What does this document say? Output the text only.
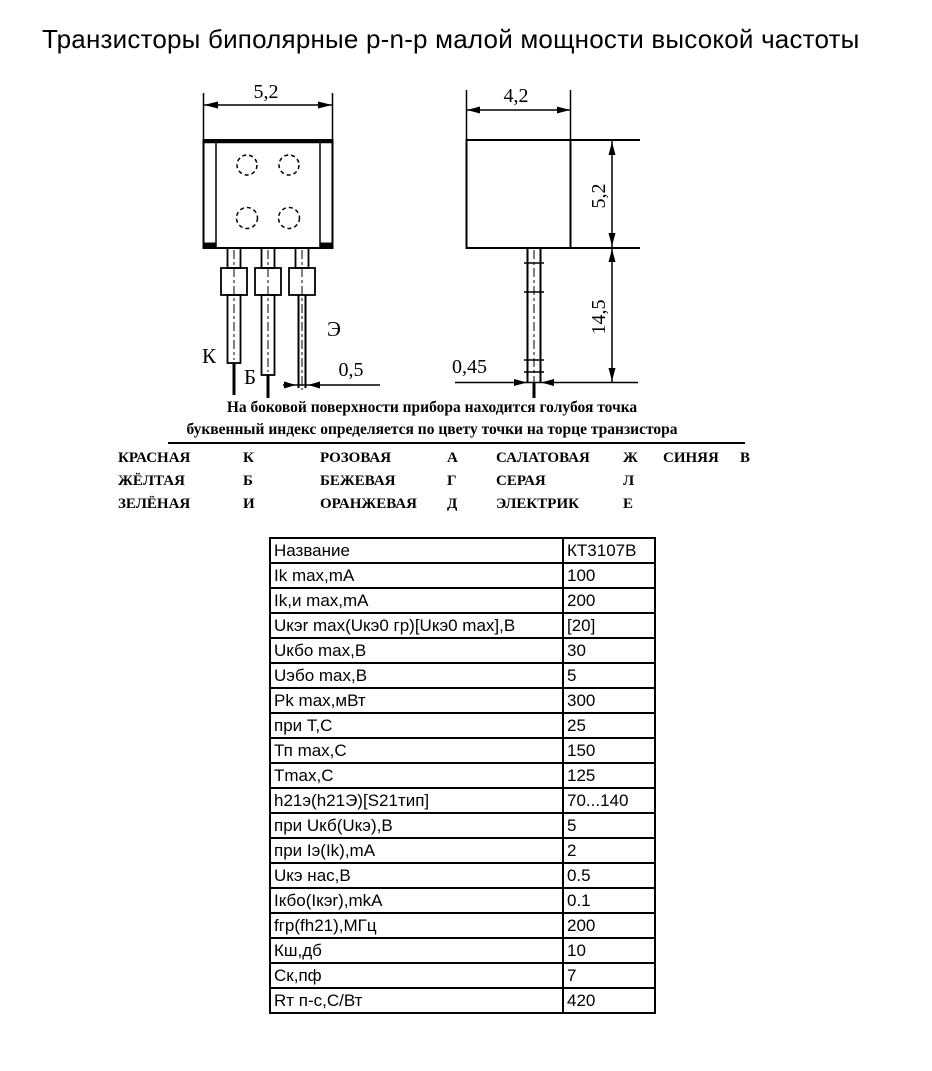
Транзисторы биполярные p-n-p малой мощности высокой частоты
5,2
К
Б
Э
0,5
4,2
5,2
14,5
0,45
На боковой поверхности прибора находится голубоя точка
буквенный индекс определяется по цвету точки на торце транзистора
КРАСНАЯ	К	РОЗОВАЯ	А	САЛАТОВАЯ	Ж	СИНЯЯ	В
ЖЁЛТАЯ	Б	БЕЖЕВАЯ	Г	СЕРАЯ	Л
ЗЕЛЁНАЯ	И	ОРАНЖЕВАЯ	Д	ЭЛЕКТРИК	Е
Название	КТ3107В
Ik max,mA	100
Ik,и max,mA	200
Uкэr max(Uкэ0 гр)[Uкэ0 max],В	[20]
Uкбо max,В	30
Uэбо max,В	5
Pk max,мВт	300
при Т,С	25
Тп max,С	150
Tmax,С	125
h21э(h21Э)[S21тип]	70...140
при Uкб(Uкэ),В	5
при Iэ(Ik),mA	2
Uкэ нас,В	0.5
Iкбо(Iкэr),mkA	0.1
fгр(fh21),МГц	200
Кш,дб	10
Ск,пф	7
Rт п-с,С/Вт	420
